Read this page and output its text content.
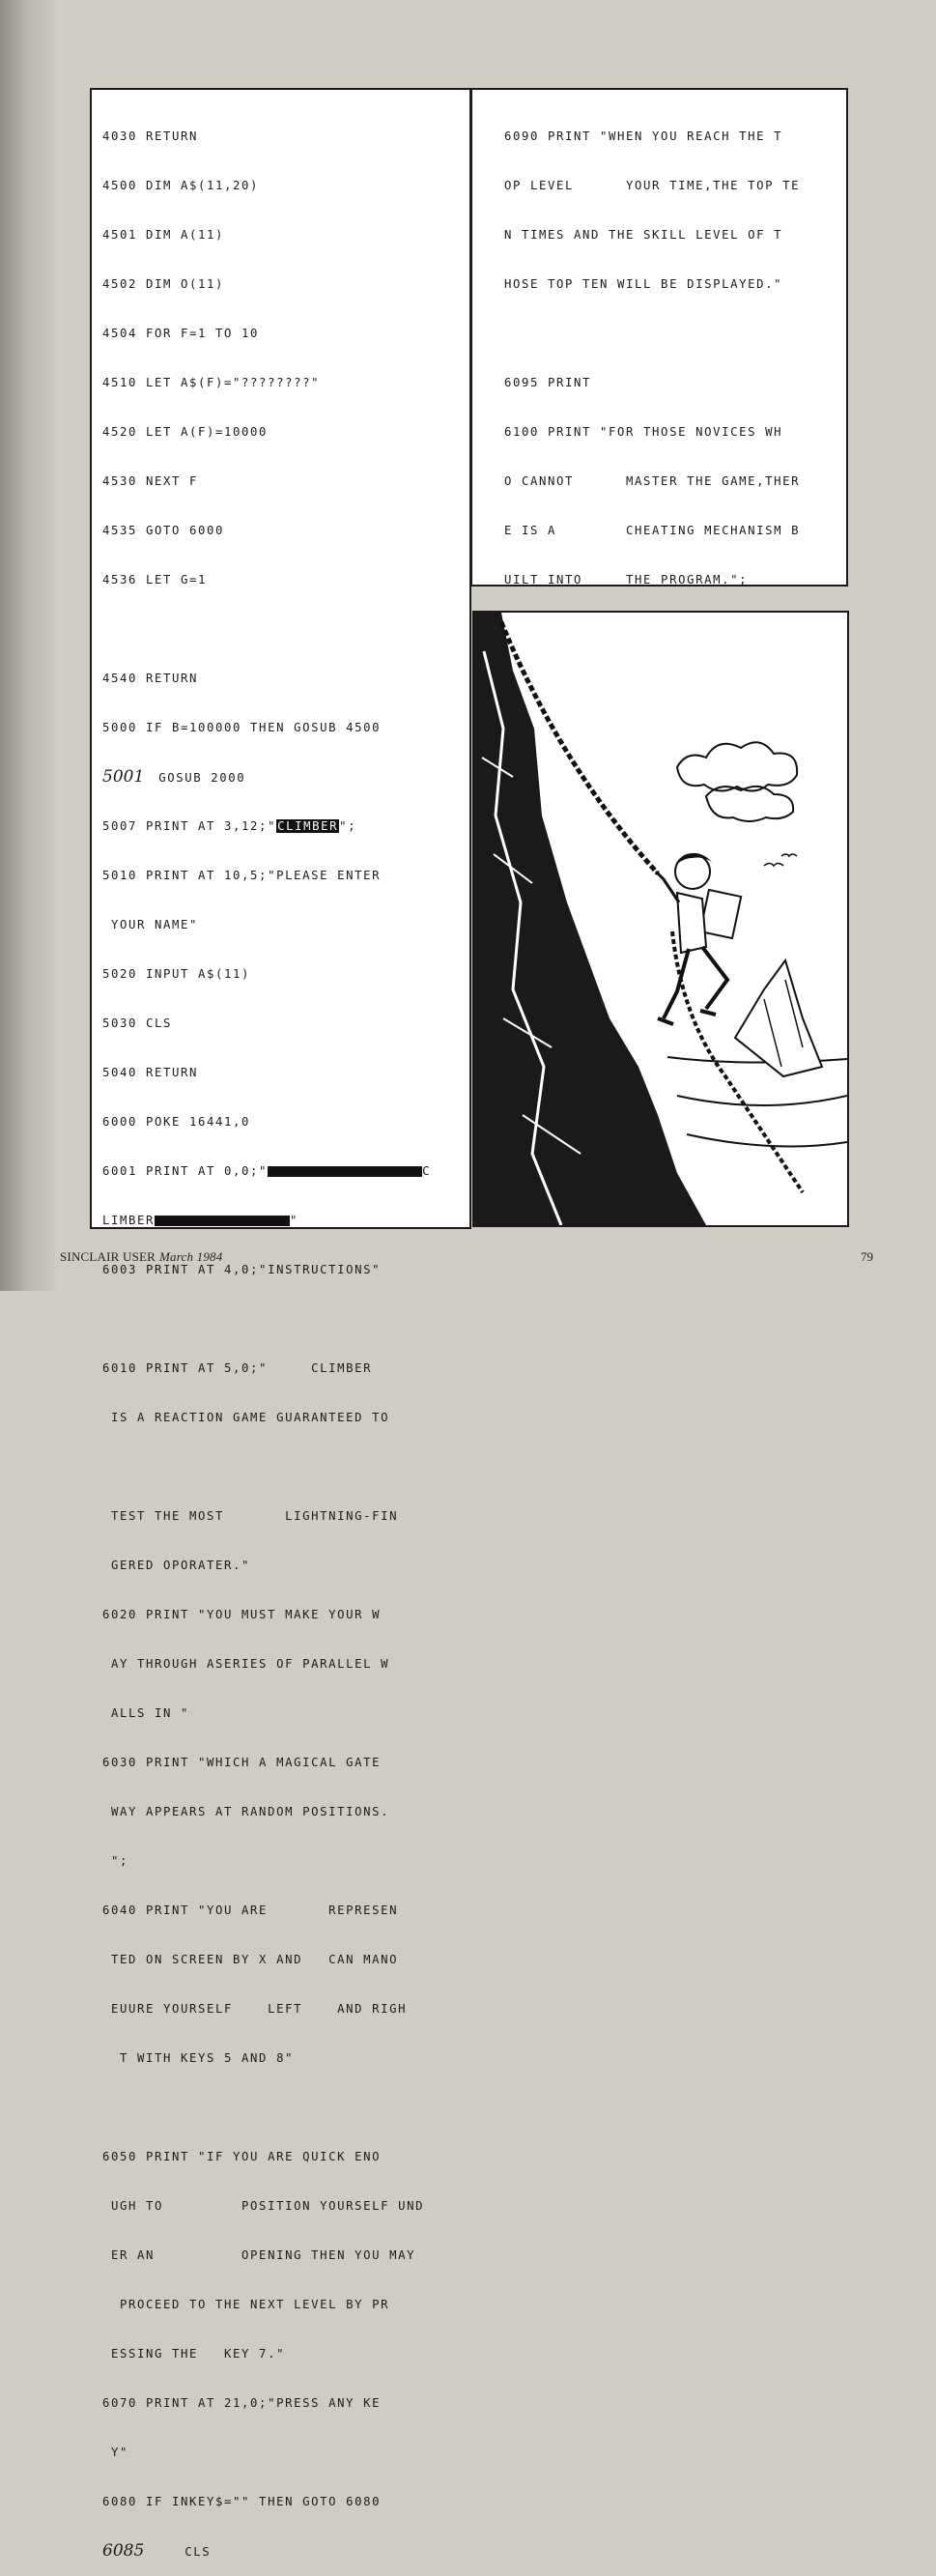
4030 RETURN

4500 DIM A$(11,20)

4501 DIM A(11)

4502 DIM O(11)

4504 FOR F=1 TO 10

4510 LET A$(F)="????????"

4520 LET A(F)=10000

4530 NEXT F

4535 GOTO 6000

4536 LET G=1

4540 RETURN

5000 IF B=100000 THEN GOSUB 4500

5001 GOSUB 2000

5007 PRINT AT 3,12;"CLIMBER";

5010 PRINT AT 10,5;"PLEASE ENTER

YOUR NAME"

5020 INPUT A$(11)

5030 CLS

5040 RETURN

6000 POKE 16441,0

6001 PRINT AT 0,0;"	C

LIMBER	"

6003 PRINT AT 4,0;"INSTRUCTIONS"

6010 PRINT AT 5,0;"     CLIMBER

IS A REACTION GAME GUARANTEED TO

TEST THE MOST       LIGHTNING-FIN

GERED OPORATER."

6020 PRINT "YOU MUST MAKE YOUR W

AY THROUGH ASERIES OF PARALLEL W

ALLS IN "

6030 PRINT "WHICH A MAGICAL GATE

WAY APPEARS AT RANDOM POSITIONS.

";

6040 PRINT "YOU ARE       REPRESEN

TED ON SCREEN BY X AND   CAN MANO

EUURE YOURSELF    LEFT    AND RIGH

T WITH KEYS 5 AND 8"

6050 PRINT "IF YOU ARE QUICK ENO

UGH TO         POSITION YOURSELF UND

ER AN          OPENING THEN YOU MAY

PROCEED TO THE NEXT LEVEL BY PR

ESSING THE   KEY 7."

6070 PRINT AT 21,0;"PRESS ANY KE

Y"

6080 IF INKEY$="" THEN GOTO 6080

6085	CLS

6090 PRINT "WHEN YOU REACH THE T

OP LEVEL      YOUR TIME,THE TOP TE

N TIMES AND THE SKILL LEVEL OF T

HOSE TOP TEN WILL BE DISPLAYED."

6095 PRINT

6100 PRINT "FOR THOSE NOVICES WH

O CANNOT      MASTER THE GAME,THER

E IS A        CHEATING MECHANISM B

UILT INTO     THE PROGRAM.";

SINCLAIR USER March 1984	79
